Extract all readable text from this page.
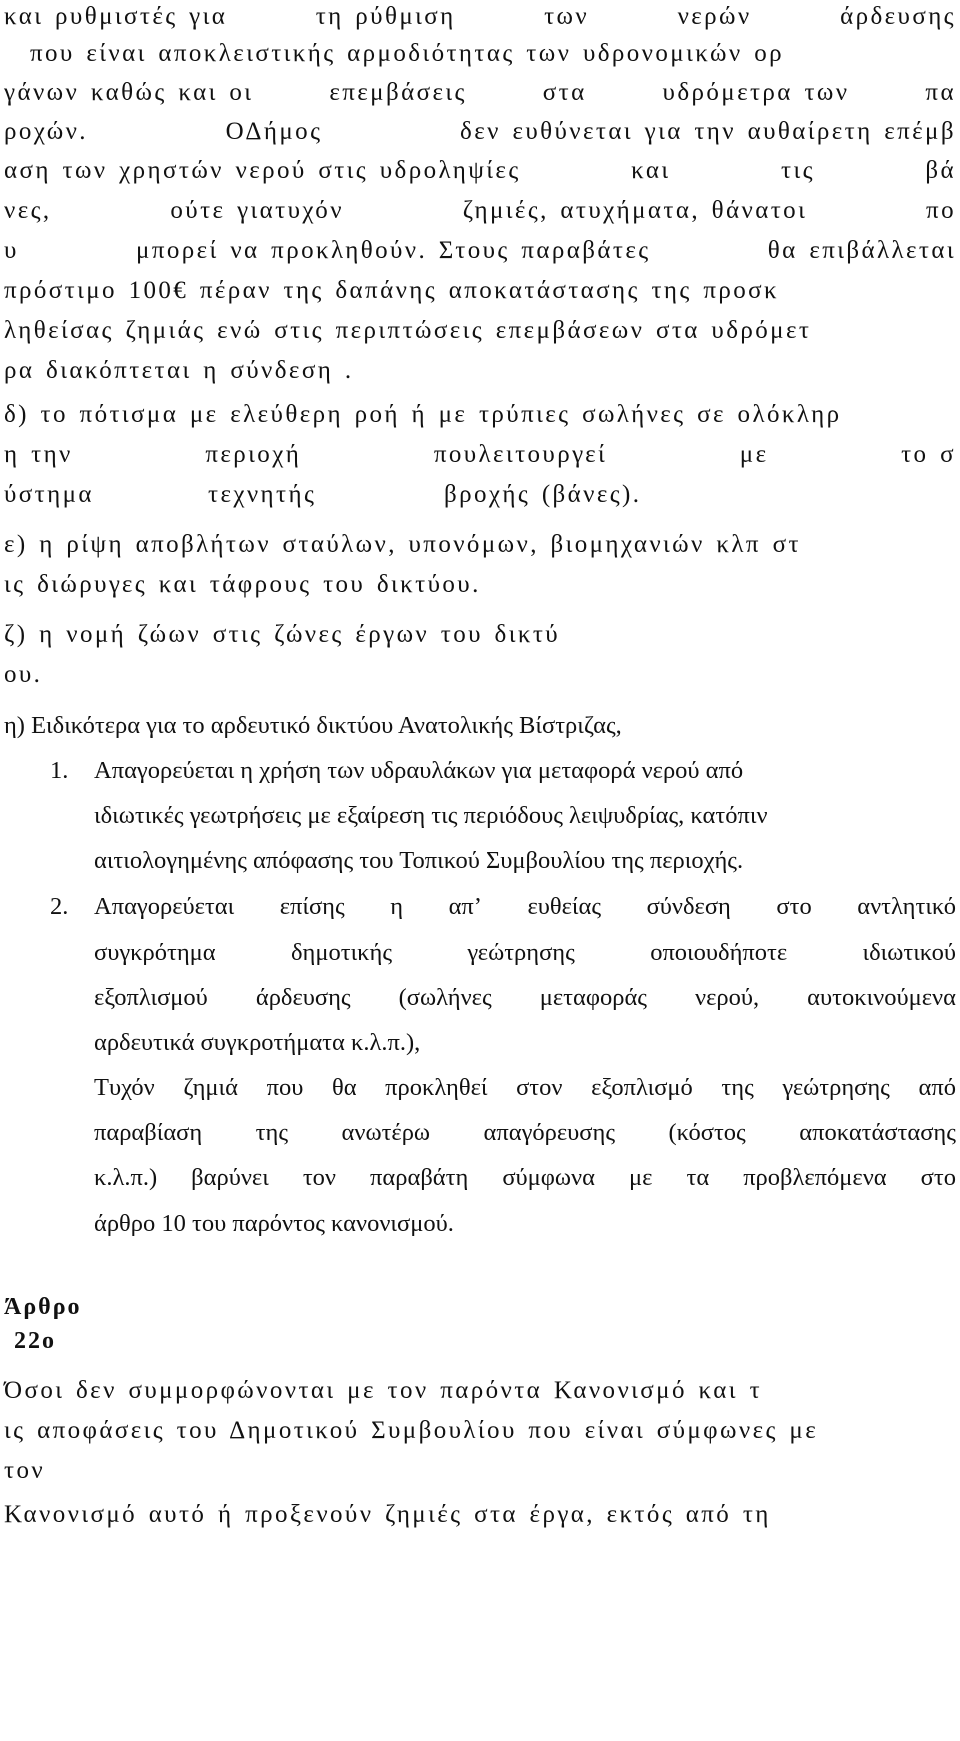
και ρυθμιστές για	τη ρύθμιση	των	νερών	άρδευσης
που είναι αποκλειστικής αρμοδιότητας των υδρονομικών ορ
γάνων καθώς και οι	επεμβάσεις	στα	υδρόμετρα των	πα
ροχών.	ΟΔήμος	δεν ευθύνεται για την αυθαίρετη επέμβ
αση των χρηστών νερού στις υδροληψίες	και	τις	βά
νες,	ούτε γιατυχόν	ζημιές, ατυχήματα, θάνατοι	πο
υ	μπορεί να προκληθούν. Στους παραβάτες	θα επιβάλλεται
πρόστιμο 100€ πέραν της δαπάνης αποκατάστασης της προσκ
ληθείσας ζημιάς ενώ στις περιπτώσεις επεμβάσεων στα υδρόμετ
ρα διακόπτεται η σύνδεση .
δ) το πότισμα με ελεύθερη ροή ή με τρύπιες σωλήνες σε ολόκληρ
η την	περιοχή	πουλειτουργεί	με	το σ
ύστημα	τεχνητής	βροχής (βάνες).
ε) η ρίψη αποβλήτων σταύλων, υπονόμων, βιομηχανιών κλπ στ
ις διώρυγες και τάφρους του δικτύου.
ζ) η νομή ζώων στις ζώνες έργων του δικτύ
ου.
η) Ειδικότερα για το αρδευτικό δικτύου Ανατολικής Βίστριζας,
1. Απαγορεύεται η χρήση των υδραυλάκων για μεταφορά νερού από
ιδιωτικές γεωτρήσεις με εξαίρεση τις περιόδους λειψυδρίας, κατόπιν
αιτιολογημένης απόφασης του Τοπικού Συμβουλίου της περιοχής.
2. Απαγορεύεται επίσης η απ’ ευθείας σύνδεση στο αντλητικό
συγκρότημα	δημοτικής	γεώτρησης	οποιουδήποτε	ιδιωτικού
εξοπλισμού άρδευσης (σωλήνες μεταφοράς νερού, αυτοκινούμενα
αρδευτικά συγκροτήματα κ.λ.π.),
Τυχόν ζημιά που θα προκληθεί στον εξοπλισμό της γεώτρησης από
παραβίαση της ανωτέρω απαγόρευσης (κόστος αποκατάστασης
κ.λ.π.) βαρύνει τον παραβάτη σύμφωνα με τα προβλεπόμενα στο
άρθρο 10 του παρόντος κανονισμού.
Άρθρο
22ο
Όσοι δεν συμμορφώνονται με τον παρόντα Κανονισμό και τ
ις αποφάσεις του Δημοτικού Συμβουλίου που είναι σύμφωνες με
τον
Κανονισμό αυτό ή προξενούν ζημιές στα έργα, εκτός από τη
